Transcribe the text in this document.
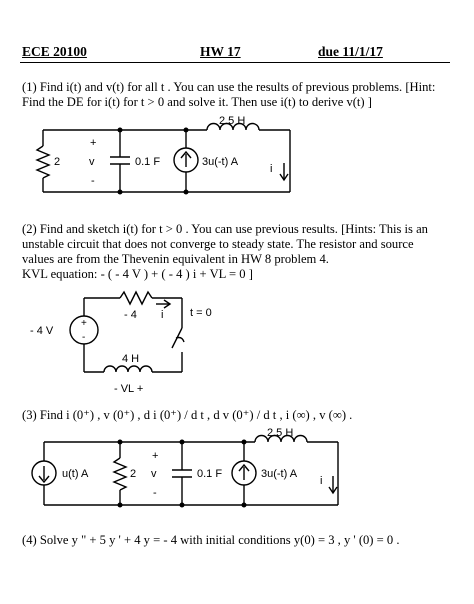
ECE 20100	HW 17	due 11/1/17
(1) Find i(t) and v(t) for all t . You can use the results of previous problems. [Hint:
Find the DE for i(t) for t > 0 and solve it. Then use i(t) to derive v(t) ]
2.5 H
2
+
v
-
0.1 F	3u(-t) A
i
(2) Find and sketch i(t) for t > 0 . You can use previous results. [Hints: This is an
unstable circuit that does not converge to steady state. The resistor and source
values are from the Thevenin equivalent in HW 8 problem 4.
KVL equation: - ( - 4 V ) + ( - 4 ) i + VL = 0 ]
- 4 i t = 0
- 4 V
+
-
4 H
- VL +
(3) Find i (0⁺) , v (0⁺) , d i (0⁺) / d t , d v (0⁺) / d t , i (∞) , v (∞) .
u(t) A	2
+
v
-
0.1 F
2.5 H
3u(-t) A
i
(4) Solve y " + 5 y ' + 4 y = - 4 with initial conditions y(0) = 3 , y ' (0) = 0 .
